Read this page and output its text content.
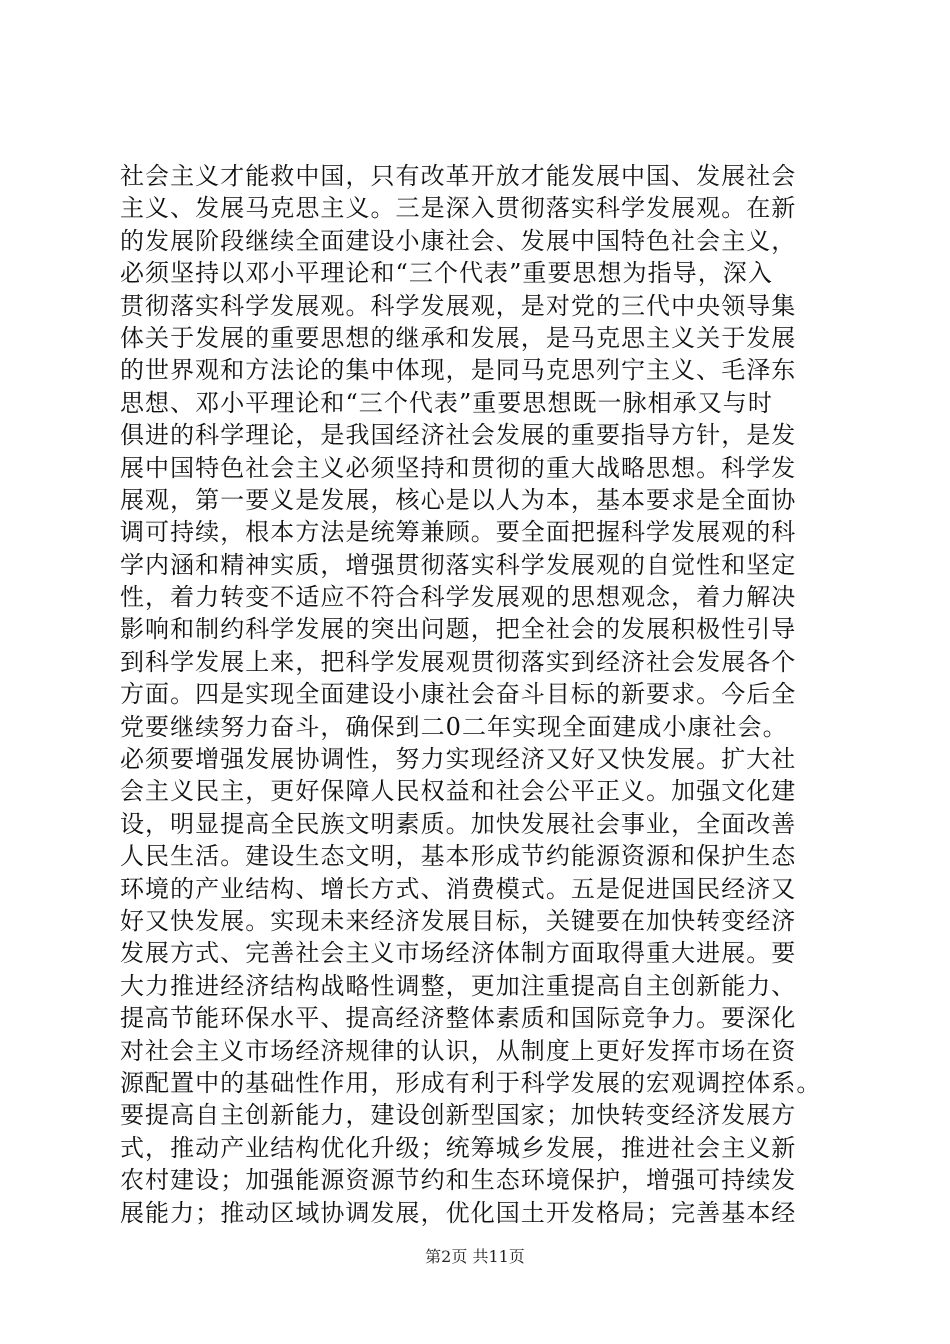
社会主义才能救中国，只有改革开放才能发展中国、发展社会
主义、发展马克思主义。三是深入贯彻落实科学发展观。在新
的发展阶段继续全面建设小康社会、发展中国特色社会主义，
必须坚持以邓小平理论和“三个代表”重要思想为指导，深入
贯彻落实科学发展观。科学发展观，是对党的三代中央领导集
体关于发展的重要思想的继承和发展，是马克思主义关于发展
的世界观和方法论的集中体现，是同马克思列宁主义、毛泽东
思想、邓小平理论和“三个代表”重要思想既一脉相承又与时
俱进的科学理论，是我国经济社会发展的重要指导方针，是发
展中国特色社会主义必须坚持和贯彻的重大战略思想。科学发
展观，第一要义是发展，核心是以人为本，基本要求是全面协
调可持续，根本方法是统筹兼顾。要全面把握科学发展观的科
学内涵和精神实质，增强贯彻落实科学发展观的自觉性和坚定
性，着力转变不适应不符合科学发展观的思想观念，着力解决
影响和制约科学发展的突出问题，把全社会的发展积极性引导
到科学发展上来，把科学发展观贯彻落实到经济社会发展各个
方面。四是实现全面建设小康社会奋斗目标的新要求。今后全
党要继续努力奋斗，确保到二0二年实现全面建成小康社会。
必须要增强发展协调性，努力实现经济又好又快发展。扩大社
会主义民主，更好保障人民权益和社会公平正义。加强文化建
设，明显提高全民族文明素质。加快发展社会事业，全面改善
人民生活。建设生态文明，基本形成节约能源资源和保护生态
环境的产业结构、增长方式、消费模式。五是促进国民经济又
好又快发展。实现未来经济发展目标，关键要在加快转变经济
发展方式、完善社会主义市场经济体制方面取得重大进展。要
大力推进经济结构战略性调整，更加注重提高自主创新能力、
提高节能环保水平、提高经济整体素质和国际竞争力。要深化
对社会主义市场经济规律的认识，从制度上更好发挥市场在资
源配置中的基础性作用，形成有利于科学发展的宏观调控体系。
要提高自主创新能力，建设创新型国家；加快转变经济发展方
式，推动产业结构优化升级；统筹城乡发展，推进社会主义新
农村建设；加强能源资源节约和生态环境保护，增强可持续发
展能力；推动区域协调发展，优化国土开发格局；完善基本经
第2页 共11页
